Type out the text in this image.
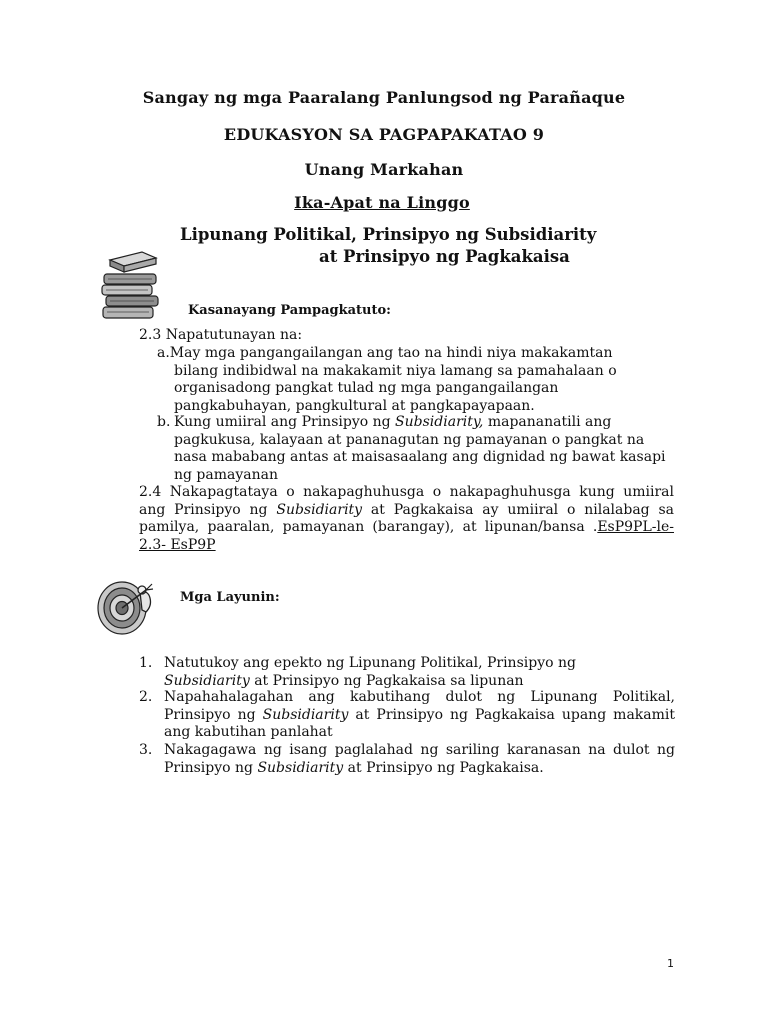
Sangay ng mga Paaralang Panlungsod ng Parañaque
EDUKASYON SA PAGPAPAKATAO 9
Unang Markahan
Ika-Apat na Linggo
Lipunang Politikal, Prinsipyo ng Subsidiarity
at Prinsipyo ng Pagkakaisa
Kasanayang Pampagkatuto:
2.3 Napatutunayan na:
a.May mga pangangailangan ang tao na hindi niya makakamtan
bilang indibidwal na makakamit niya lamang sa pamahalaan o organisadong pangkat tulad ng mga pangangailangan pangkabuhayan, pangkultural at pangkapayapaan.
b. Kung umiiral ang Prinsipyo ng Subsidiarity, mapananatili ang pagkukusa, kalayaan at pananagutan ng pamayanan o pangkat na nasa mababang antas at maisasaalang ang dignidad ng bawat kasapi ng pamayanan
2.4 Nakapagtataya o nakapaghuhusga o nakapaghuhusga kung umiiral ang Prinsipyo ng Subsidiarity at Pagkakaisa ay umiiral o nilalabag sa pamilya, paaralan, pamayanan (barangay), at lipunan/bansa .EsP9PL-le-2.3- EsP9P
Mga Layunin:
1. Natutukoy ang epekto ng Lipunang Politikal, Prinsipyo ng
Subsidiarity at Prinsipyo ng Pagkakaisa sa lipunan
2. Napahahalagahan ang kabutihang dulot ng Lipunang Politikal, Prinsipyo ng Subsidiarity at Prinsipyo ng Pagkakaisa upang makamit ang kabutihan panlahat
3. Nakagagawa ng isang paglalahad ng sariling karanasan na dulot ng Prinsipyo ng Subsidiarity at Prinsipyo ng Pagkakaisa.
1
